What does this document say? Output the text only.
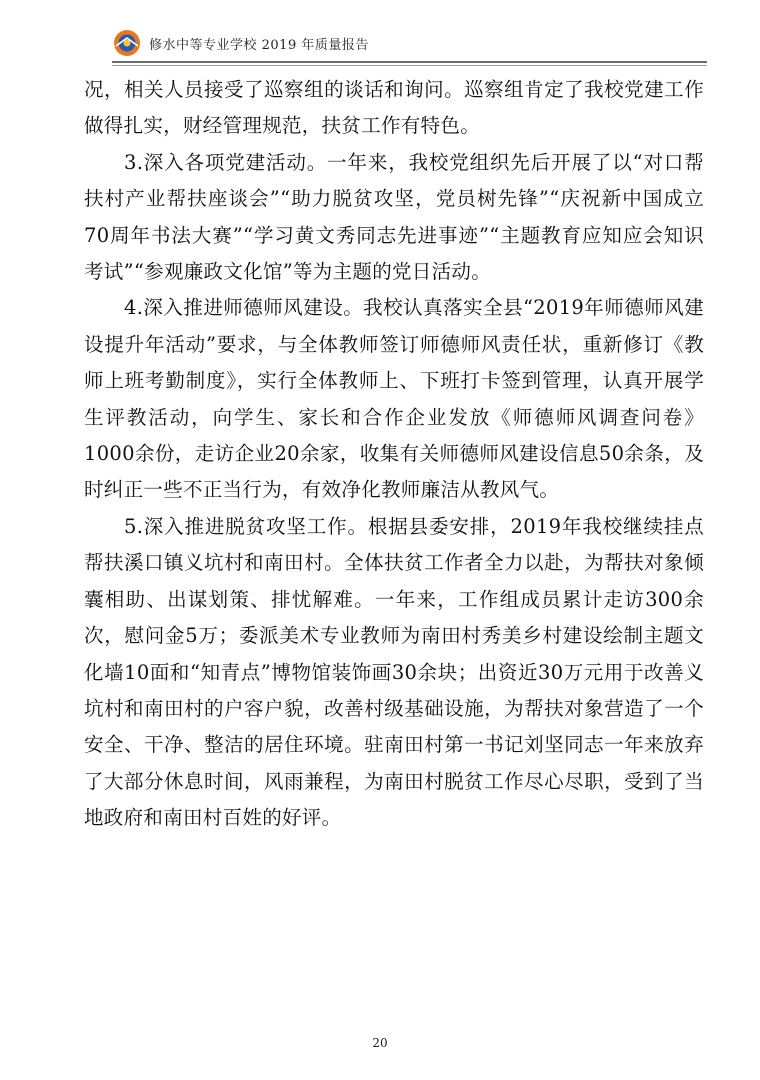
修水中等专业学校 2019 年质量报告

况，相关人员接受了巡察组的谈话和询问。巡察组肯定了我校党建工作做得扎实，财经管理规范，扶贫工作有特色。

3.深入各项党建活动。一年来，我校党组织先后开展了以“对口帮扶村产业帮扶座谈会”“助力脱贫攻坚，党员树先锋”“庆祝新中国成立70周年书法大赛”“学习黄文秀同志先进事迹”“主题教育应知应会知识考试”“参观廉政文化馆”等为主题的党日活动。

4.深入推进师德师风建设。我校认真落实全县“2019年师德师风建设提升年活动”要求，与全体教师签订师德师风责任状，重新修订《教师上班考勤制度》，实行全体教师上、下班打卡签到管理，认真开展学生评教活动，向学生、家长和合作企业发放《师德师风调查问卷》1000余份，走访企业20余家，收集有关师德师风建设信息50余条，及时纠正一些不正当行为，有效净化教师廉洁从教风气。

5.深入推进脱贫攻坚工作。根据县委安排，2019年我校继续挂点帮扶溪口镇义坑村和南田村。全体扶贫工作者全力以赴，为帮扶对象倾囊相助、出谋划策、排忧解难。一年来，工作组成员累计走访300余次，慰问金5万；委派美术专业教师为南田村秀美乡村建设绘制主题文化墙10面和“知青点”博物馆装饰画30余块；出资近30万元用于改善义坑村和南田村的户容户貌，改善村级基础设施，为帮扶对象营造了一个安全、干净、整洁的居住环境。驻南田村第一书记刘坚同志一年来放弃了大部分休息时间，风雨兼程，为南田村脱贫工作尽心尽职，受到了当地政府和南田村百姓的好评。

20
